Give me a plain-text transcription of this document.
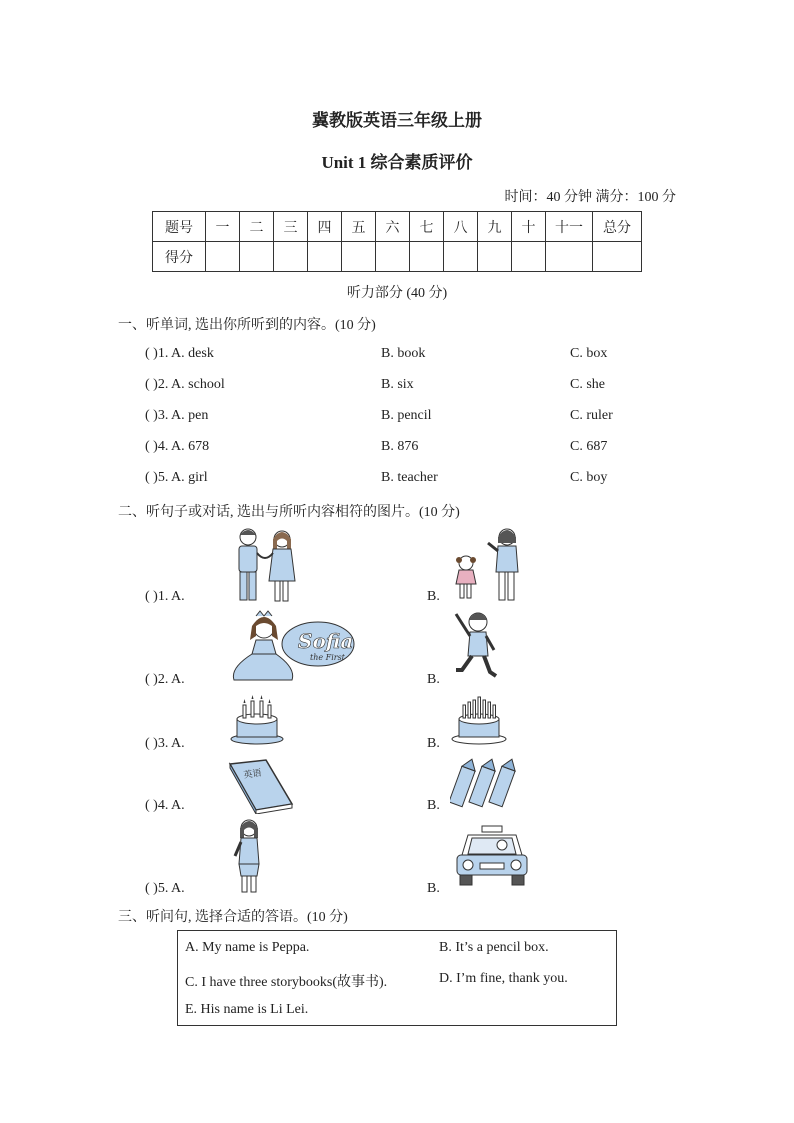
冀教版英语三年级上册
Unit 1 综合素质评价
时间：40 分钟 满分：100 分
题号	一	二	三	四	五	六	七	八	九	十	十一	总分
得分												
听力部分 (40 分)
一、听单词, 选出你所听到的内容。(10 分)
( )1. A. desk	B. book	C. box
( )2. A. school	B. six	C. she
( )3. A. pen	B. pencil	C. ruler
( )4. A. 678	B. 876	C. 687
( )5. A. girl	B. teacher	C. boy
二、听句子或对话, 选出与所听内容相符的图片。(10 分)
( )1. A.	B.
( )2. A.
Sofia
the First
B.
( )3. A.	B.
( )4. A.
英语
B.
( )5. A.	B.
三、听问句, 选择合适的答语。(10 分)
A. My name is Peppa.	B. It’s a pencil box.
C. I have three storybooks(故事书).	D. I’m fine, thank you.
E. His name is Li Lei.
